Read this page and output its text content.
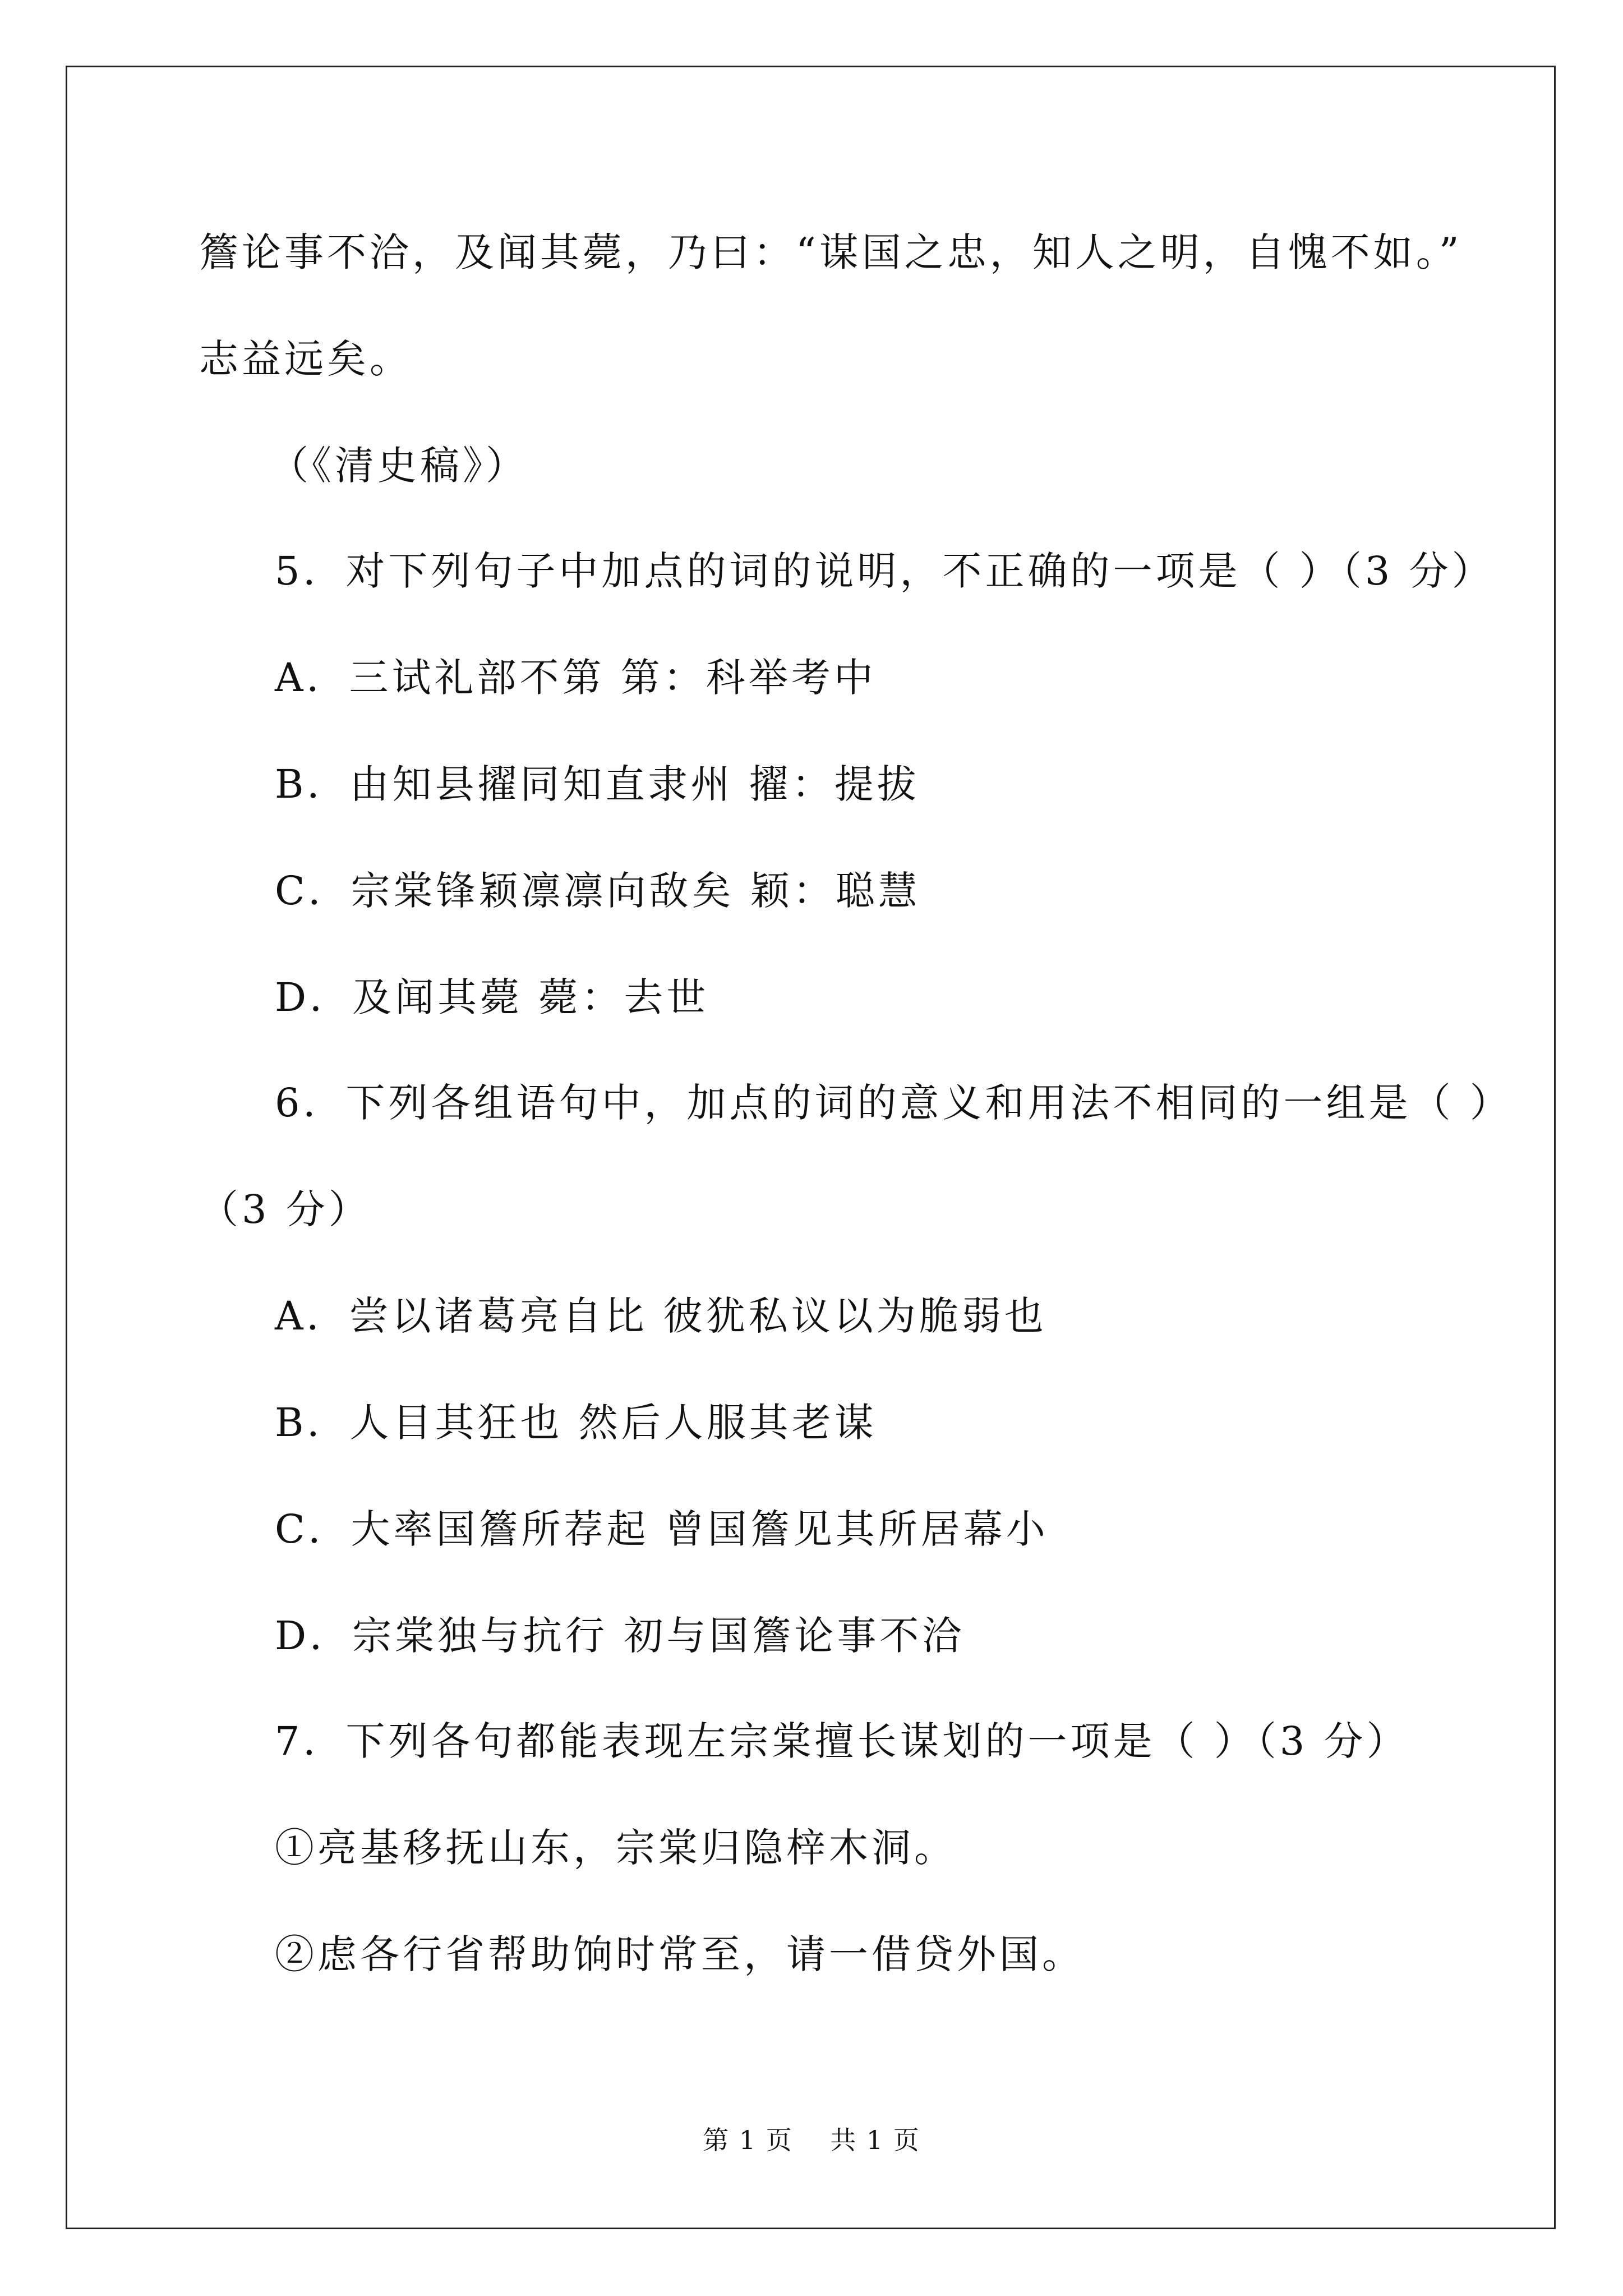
簷论事不洽，及闻其薨，乃曰：“谋国之忠，知人之明，自愧不如。”
志益远矣。
（《清史稿》）
5．对下列句子中加点的词的说明，不正确的一项是（ ）（3 分）
A．三试礼部不第 第：科举考中
B．由知县擢同知直隶州 擢：提拔
C．宗棠锋颖凛凛向敌矣 颖：聪慧
D．及闻其薨 薨：去世
6．下列各组语句中，加点的词的意义和用法不相同的一组是（ ）
（3 分）
A．尝以诸葛亮自比 彼犹私议以为脆弱也
B．人目其狂也 然后人服其老谋
C．大率国簷所荐起 曾国簷见其所居幕小
D．宗棠独与抗行 初与国簷论事不洽
7．下列各句都能表现左宗棠擅长谋划的一项是（ ）（3 分）
①亮基移抚山东，宗棠归隐梓木洞。
②虑各行省帮助饷时常至，请一借贷外国。
第 1 页    共 1 页
